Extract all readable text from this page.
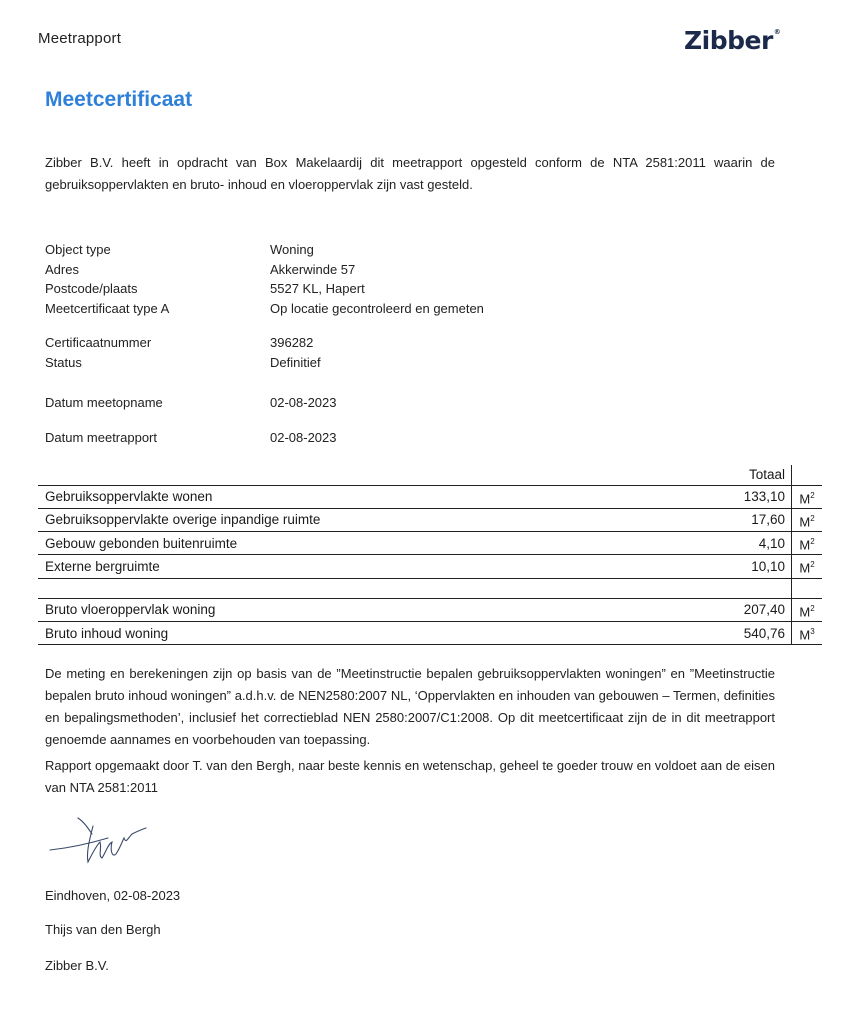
Meetrapport	Zibber®
Meetcertificaat
Zibber B.V. heeft in opdracht van Box Makelaardij dit meetrapport opgesteld conform de NTA 2581:2011 waarin de gebruiksoppervlakten en bruto- inhoud en vloeroppervlak zijn vast gesteld.
Object type	Woning
Adres	Akkerwinde 57
Postcode/plaats	5527 KL, Hapert
Meetcertificaat type A	Op locatie gecontroleerd en gemeten
Certificaatnummer	396282
Status	Definitief
Datum meetopname	02-08-2023
Datum meetrapport	02-08-2023
	Totaal	
Gebruiksoppervlakte wonen	133,10	$M^2$
Gebruiksoppervlakte overige inpandige ruimte	17,60	$M^2$
Gebouw gebonden buitenruimte	4,10	$M^2$
Externe bergruimte	10,10	$M^2$

Bruto vloeroppervlak woning	207,40	$M^2$
Bruto inhoud woning	540,76	$M^3$
De meting en berekeningen zijn op basis van de ”Meetinstructie bepalen gebruiksoppervlakten woningen” en ”Meetinstructie bepalen bruto inhoud woningen” a.d.h.v. de NEN2580:2007 NL, ‘Oppervlakten en inhouden van gebouwen – Termen, definities en bepalingsmethoden’, inclusief het correctieblad NEN 2580:2007/C1:2008. Op dit meetcertificaat zijn de in dit meetrapport genoemde aannames en voorbehouden van toepassing.
Rapport opgemaakt door T. van den Bergh, naar beste kennis en wetenschap, geheel te goeder trouw en voldoet aan de eisen van NTA 2581:2011
Eindhoven, 02-08-2023
Thijs van den Bergh
Zibber B.V.
